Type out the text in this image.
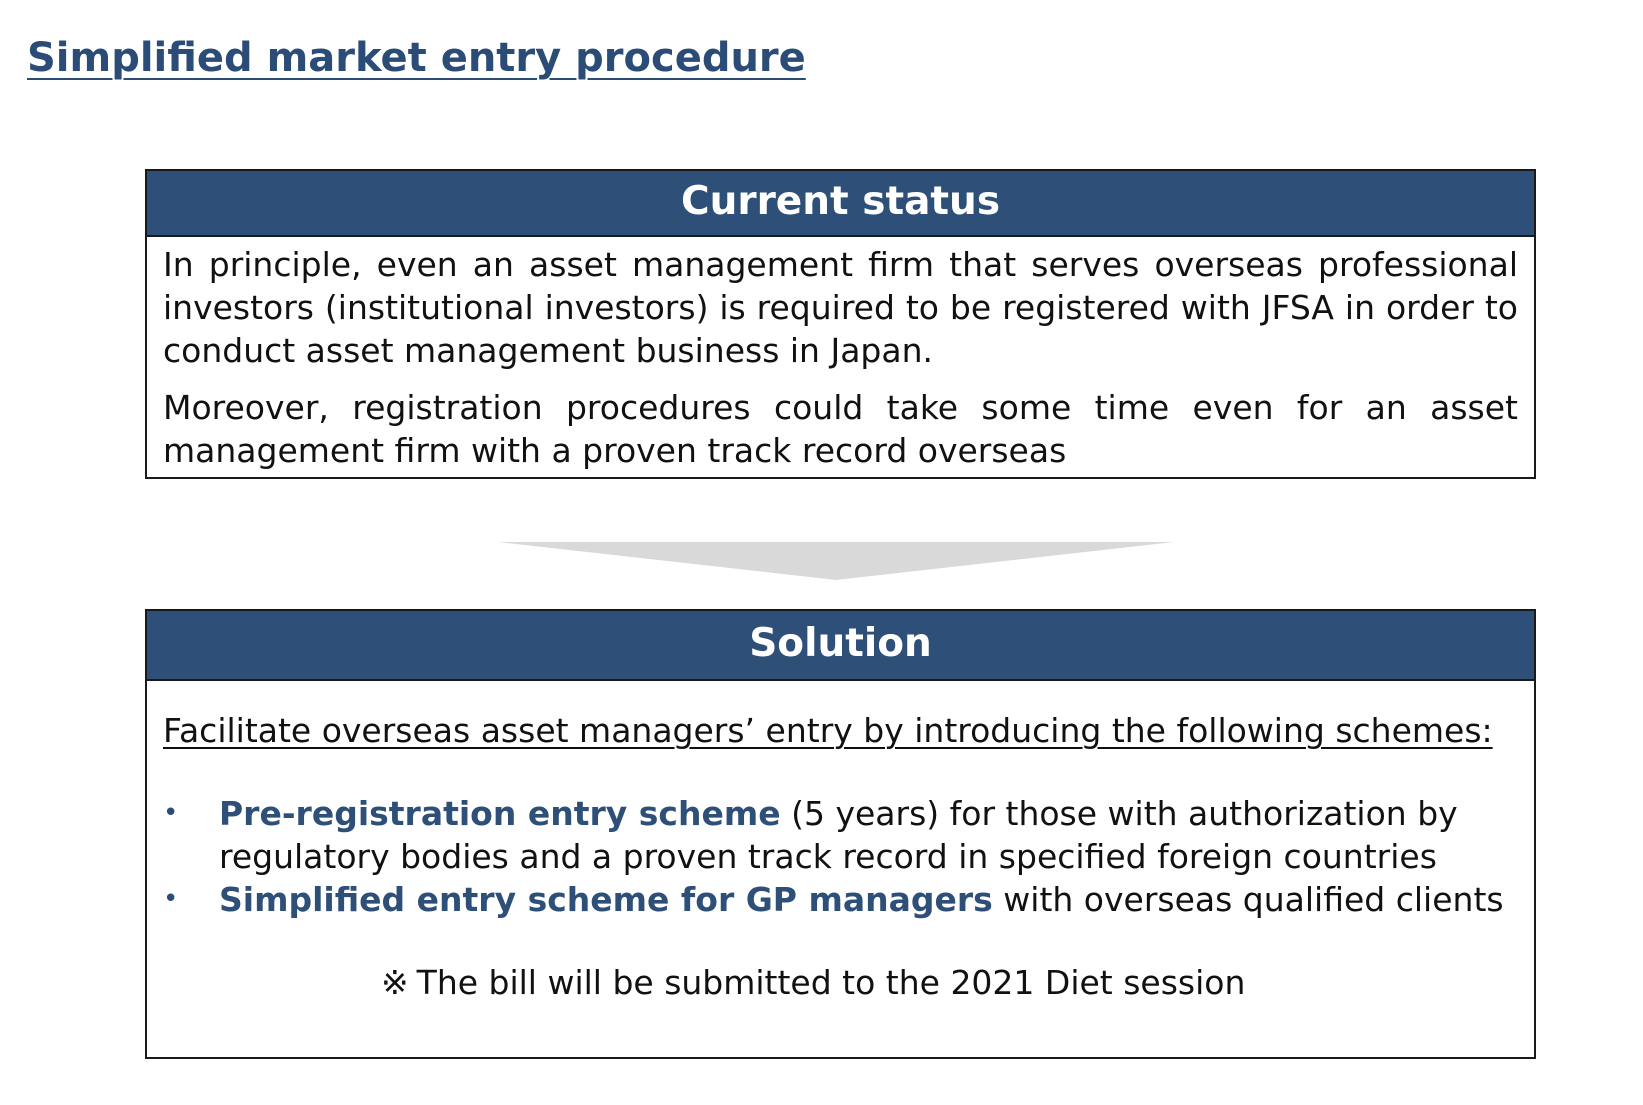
Simplified market entry procedure
Current status

In principle, even an asset management firm that serves overseas professional investors (institutional investors) is required to be registered with JFSA in order to conduct asset management business in Japan.

Moreover, registration procedures could take some time even for an asset management firm with a proven track record overseas

Solution

Facilitate overseas asset managers’ entry by introducing the following schemes:

•	Pre-registration entry scheme (5 years) for those with authorization by regulatory bodies and a proven track record in specified foreign countries
•	Simplified entry scheme for GP managers with overseas qualified clients

※ The bill will be submitted to the 2021 Diet session
